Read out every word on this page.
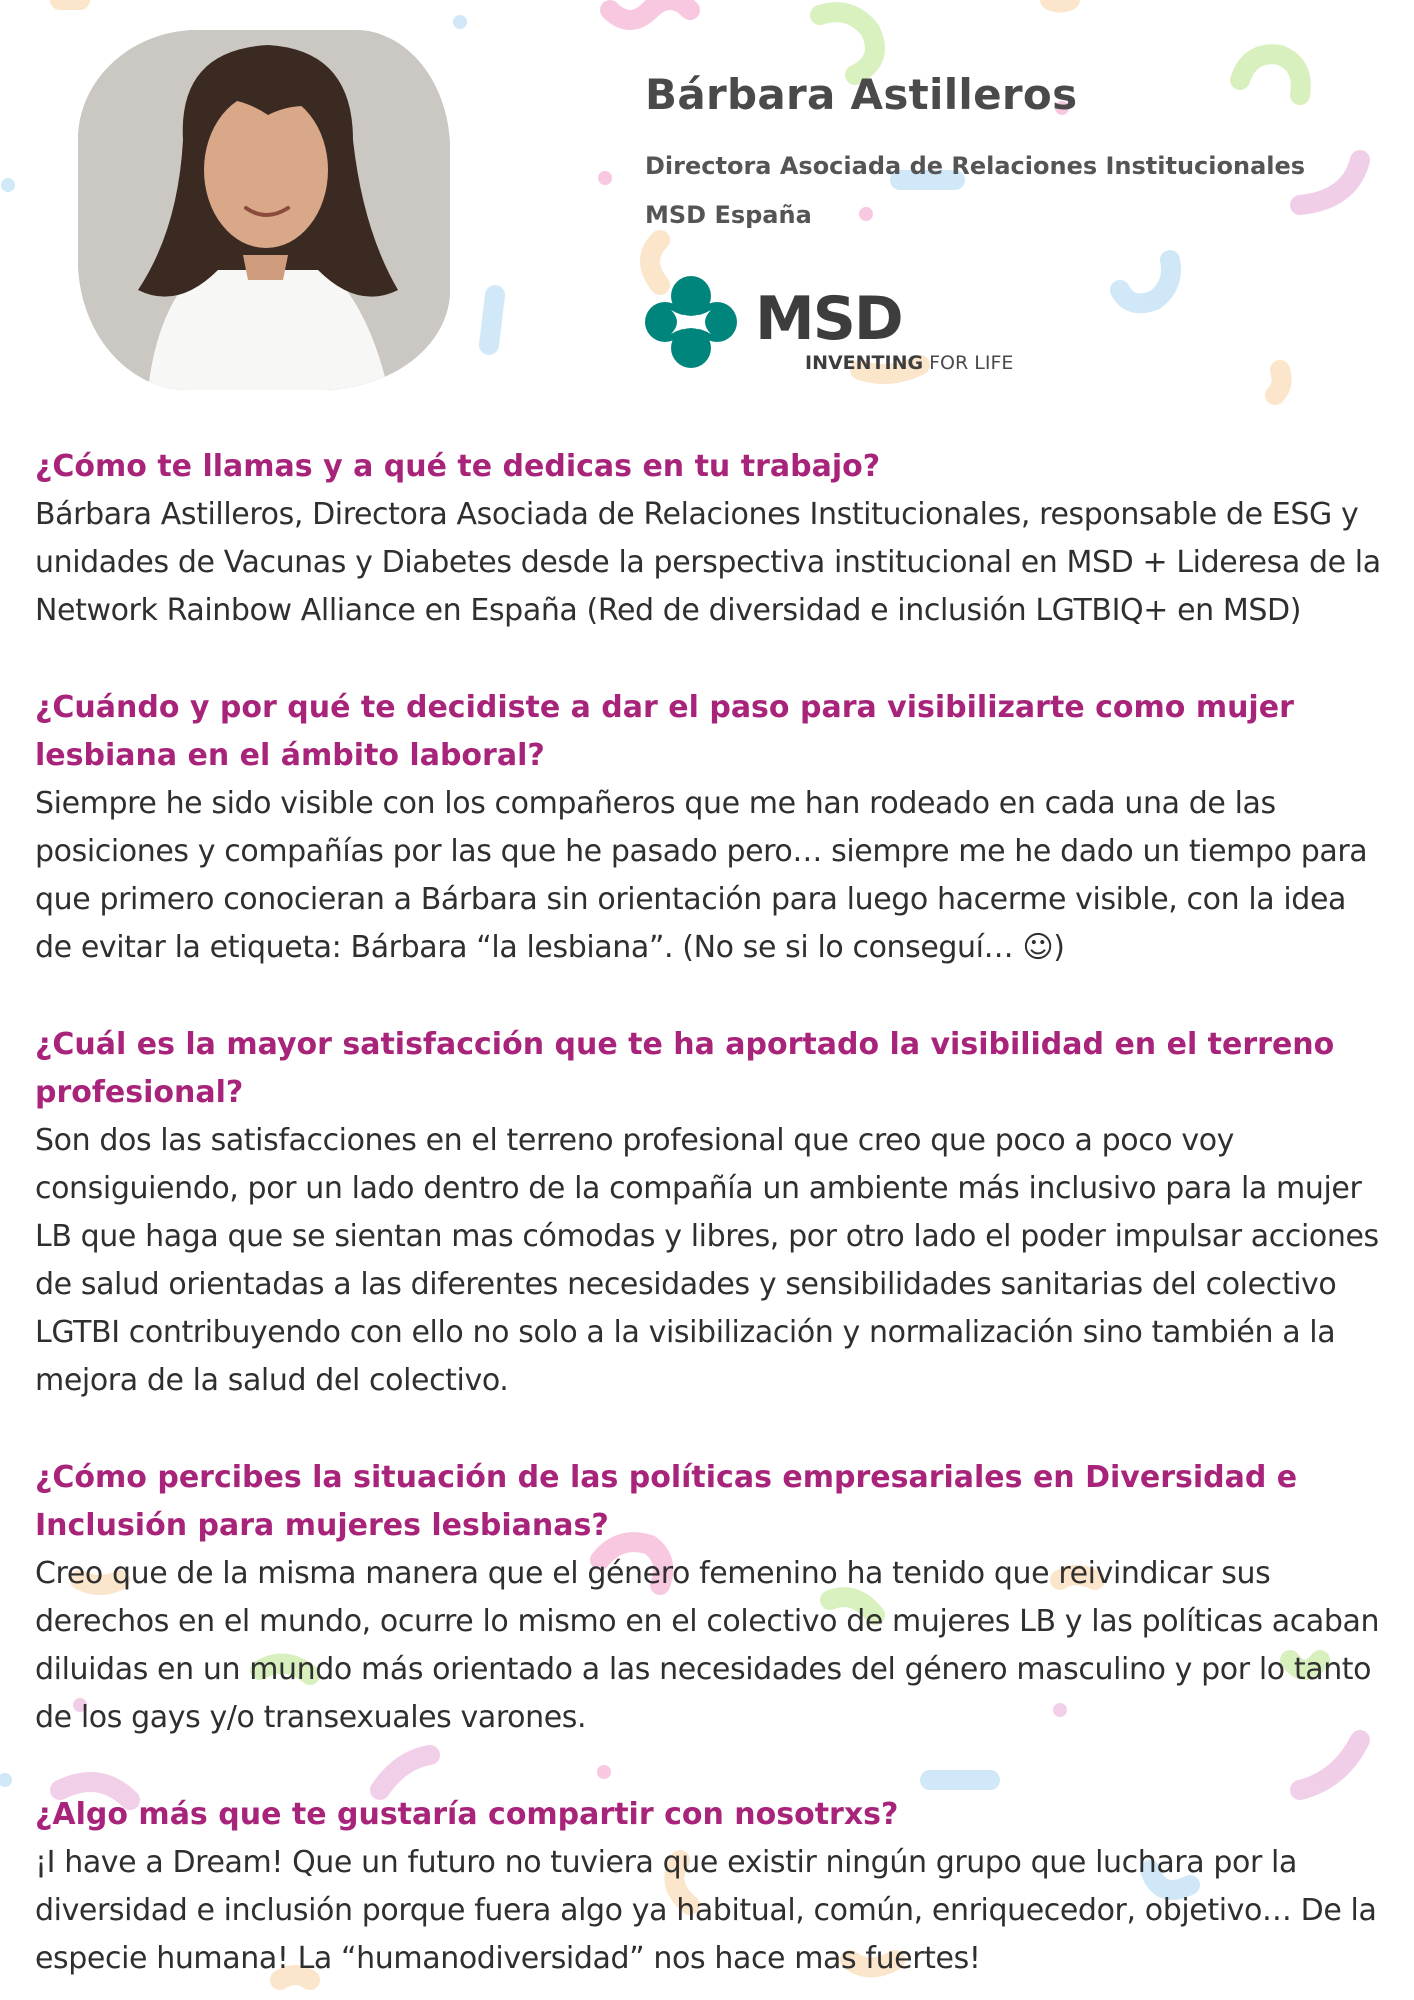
Bárbara Astilleros
Directora Asociada de Relaciones Institucionales
MSD España
MSD
INVENTING FOR LIFE
¿Cómo te llamas y a qué te dedicas en tu trabajo?
Bárbara Astilleros, Directora Asociada de Relaciones Institucionales, responsable de ESG y unidades de Vacunas y Diabetes desde la perspectiva institucional en MSD + Lideresa de la Network Rainbow Alliance en España (Red de diversidad e inclusión LGTBIQ+ en MSD)
¿Cuándo y por qué te decidiste a dar el paso para visibilizarte como mujer lesbiana en el ámbito laboral?
Siempre he sido visible con los compañeros que me han rodeado en cada una de las posiciones y compañías por las que he pasado pero… siempre me he dado un tiempo para que primero conocieran a Bárbara sin orientación para luego hacerme visible, con la idea de evitar la etiqueta: Bárbara “la lesbiana”. (No se si lo conseguí… ☺)
¿Cuál es la mayor satisfacción que te ha aportado la visibilidad en el terreno profesional?
Son dos las satisfacciones en el terreno profesional que creo que poco a poco voy consiguiendo, por un lado dentro de la compañía un ambiente más inclusivo para la mujer LB que haga que se sientan mas cómodas y libres, por otro lado el poder impulsar acciones de salud orientadas a las diferentes necesidades y sensibilidades sanitarias del colectivo LGTBI contribuyendo con ello no solo a la visibilización y normalización sino también a la mejora de la salud del colectivo.
¿Cómo percibes la situación de las políticas empresariales en Diversidad e Inclusión para mujeres lesbianas?
Creo que de la misma manera que el género femenino ha tenido que reivindicar sus derechos en el mundo, ocurre lo mismo en el colectivo de mujeres LB y las políticas acaban diluidas en un mundo más orientado a las necesidades del género masculino y por lo tanto de los gays y/o transexuales varones.
¿Algo más que te gustaría compartir con nosotrxs?
¡I have a Dream! Que un futuro no tuviera que existir ningún grupo que luchara por la diversidad e inclusión porque fuera algo ya habitual, común, enriquecedor, objetivo… De la especie humana! La “humanodiversidad” nos hace mas fuertes!
